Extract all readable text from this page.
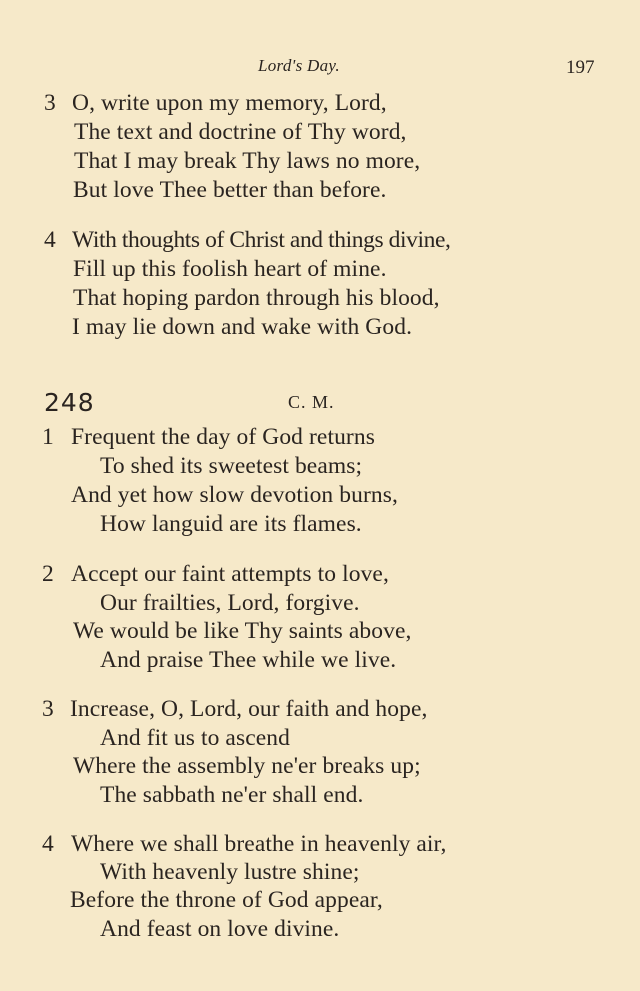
Lord's Day.	197
3 O, write upon my memory, Lord,
The text and doctrine of Thy word,
That I may break Thy laws no more,
But love Thee better than before.
4 With thoughts of Christ and things divine,
Fill up this foolish heart of mine.
That hoping pardon through his blood,
I may lie down and wake with God.
248	C. M.
1 Frequent the day of God returns
To shed its sweetest beams;
And yet how slow devotion burns,
How languid are its flames.
2 Accept our faint attempts to love,
Our frailties, Lord, forgive.
We would be like Thy saints above,
And praise Thee while we live.
3 Increase, O, Lord, our faith and hope,
And fit us to ascend
Where the assembly ne'er breaks up;
The sabbath ne'er shall end.
4 Where we shall breathe in heavenly air,
With heavenly lustre shine;
Before the throne of God appear,
And feast on love divine.
